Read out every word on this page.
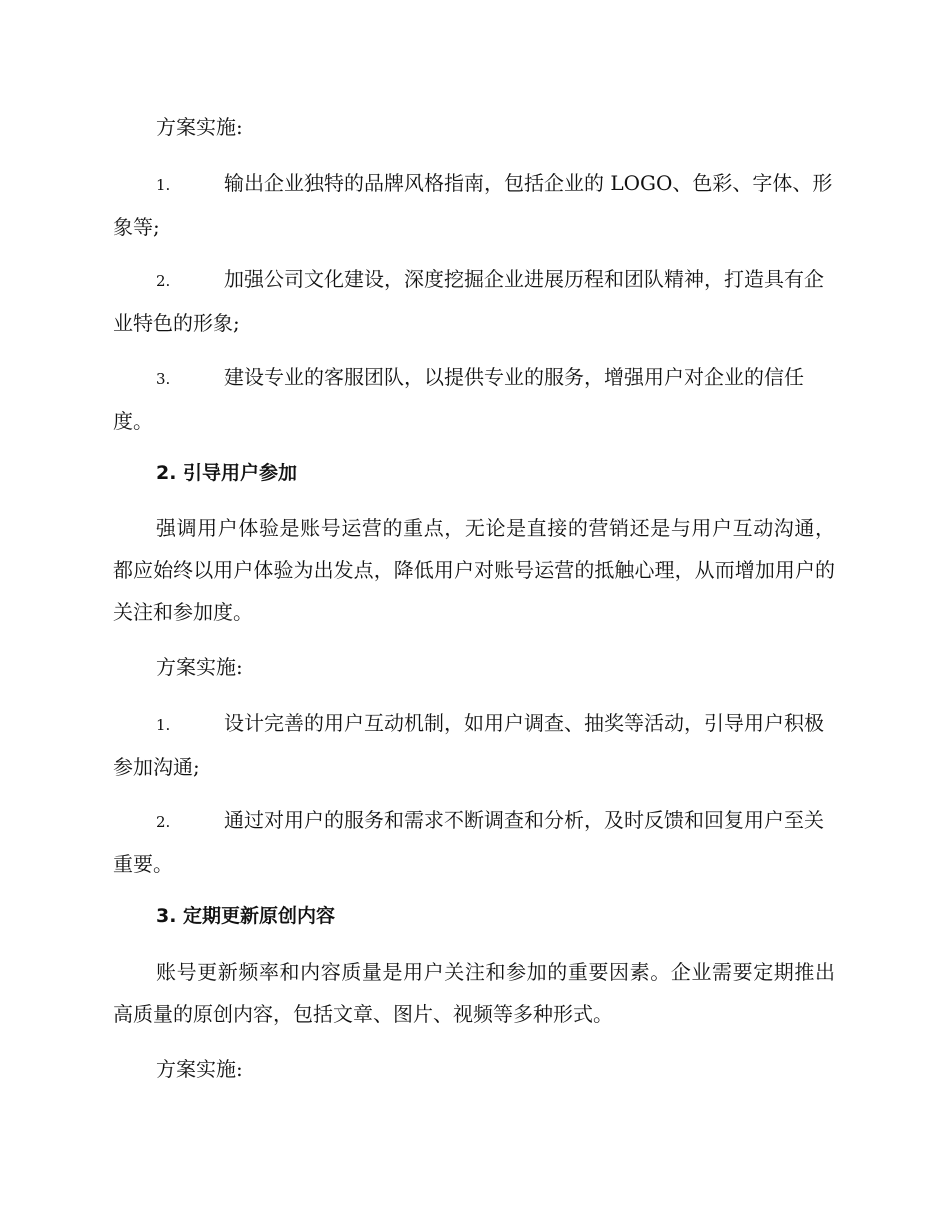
方案实施:

1.	输出企业独特的品牌风格指南，包括企业的 LOGO、色彩、字体、形象等;

2.	加强公司文化建设，深度挖掘企业进展历程和团队精神，打造具有企业特色的形象;

3.	建设专业的客服团队，以提供专业的服务，增强用户对企业的信任度。

2. 引导用户参加

强调用户体验是账号运营的重点，无论是直接的营销还是与用户互动沟通，都应始终以用户体验为出发点，降低用户对账号运营的抵触心理，从而增加用户的关注和参加度。

方案实施:

1.	设计完善的用户互动机制，如用户调查、抽奖等活动，引导用户积极参加沟通;

2.	通过对用户的服务和需求不断调查和分析，及时反馈和回复用户至关重要。

3. 定期更新原创内容

账号更新频率和内容质量是用户关注和参加的重要因素。企业需要定期推出高质量的原创内容，包括文章、图片、视频等多种形式。

方案实施:
